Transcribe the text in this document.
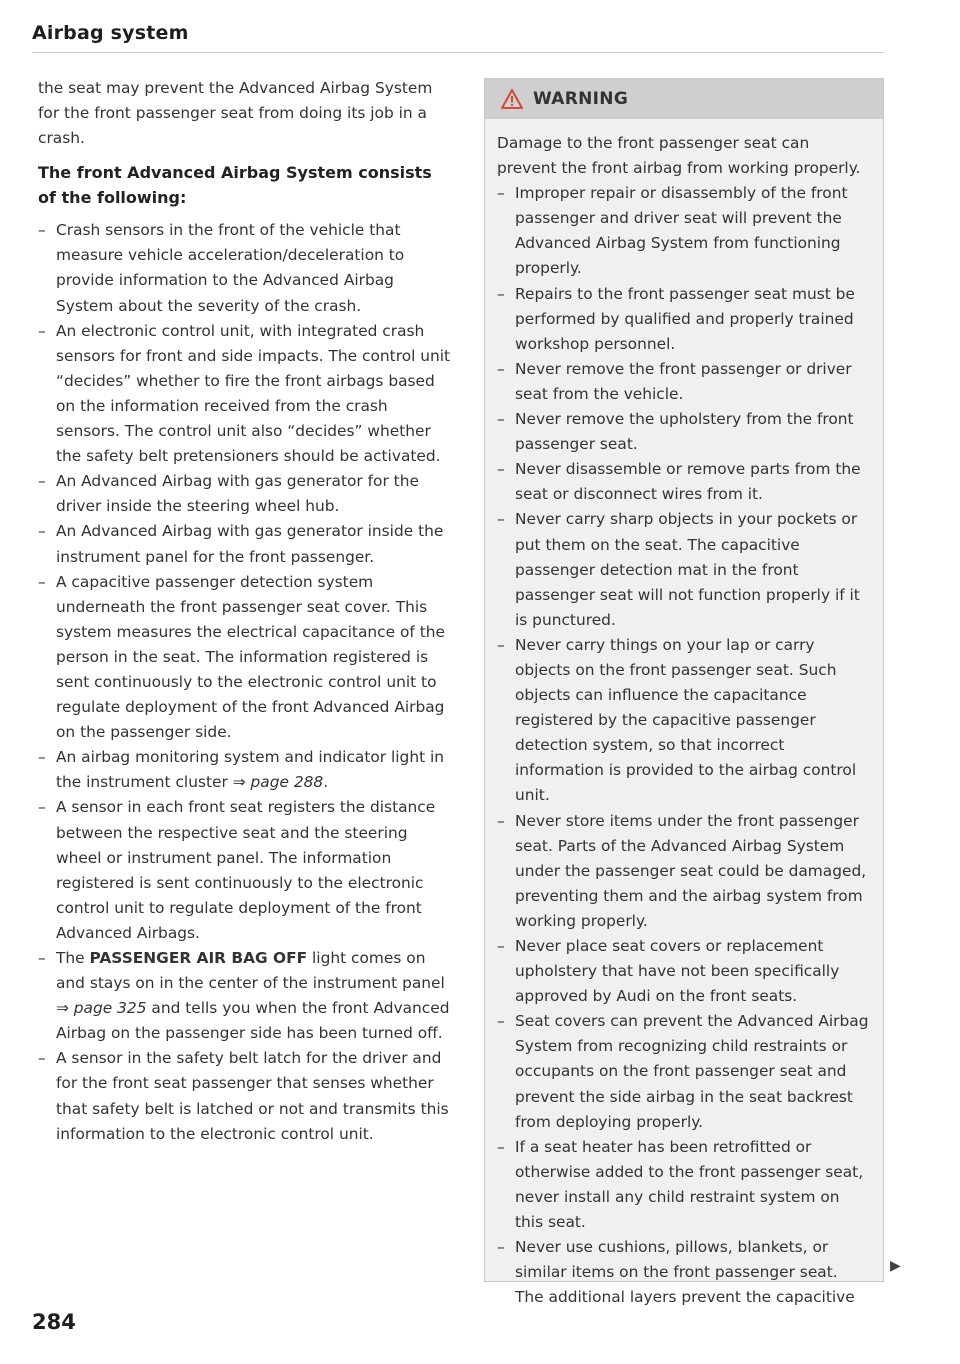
Airbag system

the seat may prevent the Advanced Airbag System for the front passenger seat from doing its job in a crash.

The front Advanced Airbag System consists of the following:

– Crash sensors in the front of the vehicle that measure vehicle acceleration/deceleration to provide information to the Advanced Airbag System about the severity of the crash.
– An electronic control unit, with integrated crash sensors for front and side impacts. The control unit “decides” whether to fire the front airbags based on the information received from the crash sensors. The control unit also “decides” whether the safety belt pretensioners should be activated.
– An Advanced Airbag with gas generator for the driver inside the steering wheel hub.
– An Advanced Airbag with gas generator inside the instrument panel for the front passenger.
– A capacitive passenger detection system underneath the front passenger seat cover. This system measures the electrical capacitance of the person in the seat. The information registered is sent continuously to the electronic control unit to regulate deployment of the front Advanced Airbag on the passenger side.
– An airbag monitoring system and indicator light in the instrument cluster ⇒ page 288.
– A sensor in each front seat registers the distance between the respective seat and the steering wheel or instrument panel. The information registered is sent continuously to the electronic control unit to regulate deployment of the front Advanced Airbags.
– The PASSENGER AIR BAG OFF light comes on and stays on in the center of the instrument panel ⇒ page 325 and tells you when the front Advanced Airbag on the passenger side has been turned off.
– A sensor in the safety belt latch for the driver and for the front seat passenger that senses whether that safety belt is latched or not and transmits this information to the electronic control unit.
284
WARNING

Damage to the front passenger seat can prevent the front airbag from working properly.

– Improper repair or disassembly of the front passenger and driver seat will prevent the Advanced Airbag System from functioning properly.
– Repairs to the front passenger seat must be performed by qualified and properly trained workshop personnel.
– Never remove the front passenger or driver seat from the vehicle.
– Never remove the upholstery from the front passenger seat.
– Never disassemble or remove parts from the seat or disconnect wires from it.
– Never carry sharp objects in your pockets or put them on the seat. The capacitive passenger detection mat in the front passenger seat will not function properly if it is punctured.
– Never carry things on your lap or carry objects on the front passenger seat. Such objects can influence the capacitance registered by the capacitive passenger detection system, so that incorrect information is provided to the airbag control unit.
– Never store items under the front passenger seat. Parts of the Advanced Airbag System under the passenger seat could be damaged, preventing them and the airbag system from working properly.
– Never place seat covers or replacement upholstery that have not been specifically approved by Audi on the front seats.
– Seat covers can prevent the Advanced Airbag System from recognizing child restraints or occupants on the front passenger seat and prevent the side airbag in the seat backrest from deploying properly.
– If a seat heater has been retrofitted or otherwise added to the front passenger seat, never install any child restraint system on this seat.
– Never use cushions, pillows, blankets, or similar items on the front passenger seat. The additional layers prevent the capacitive
▶
